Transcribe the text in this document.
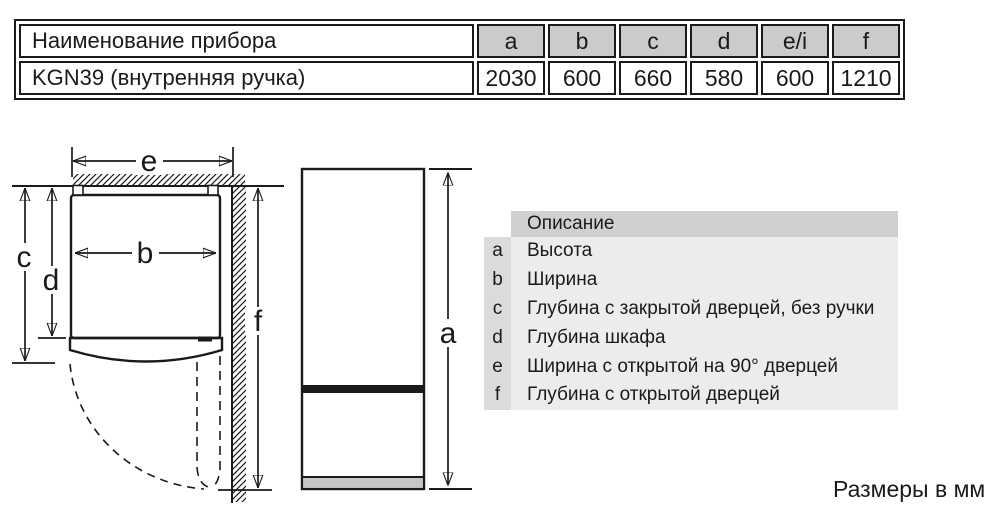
Наименование прибора	a	b	c	d	e/i	f
KGN39 (внутренняя ручка)	2030	600	660	580	600	1210
e
b
c
d
f	a
Описание
a	Высота
b	Ширина
c	Глубина с закрытой дверцей, без ручки
d	Глубина шкафа
e	Ширина с открытой на 90° дверцей
f	Глубина с открытой дверцей
Размеры в мм
